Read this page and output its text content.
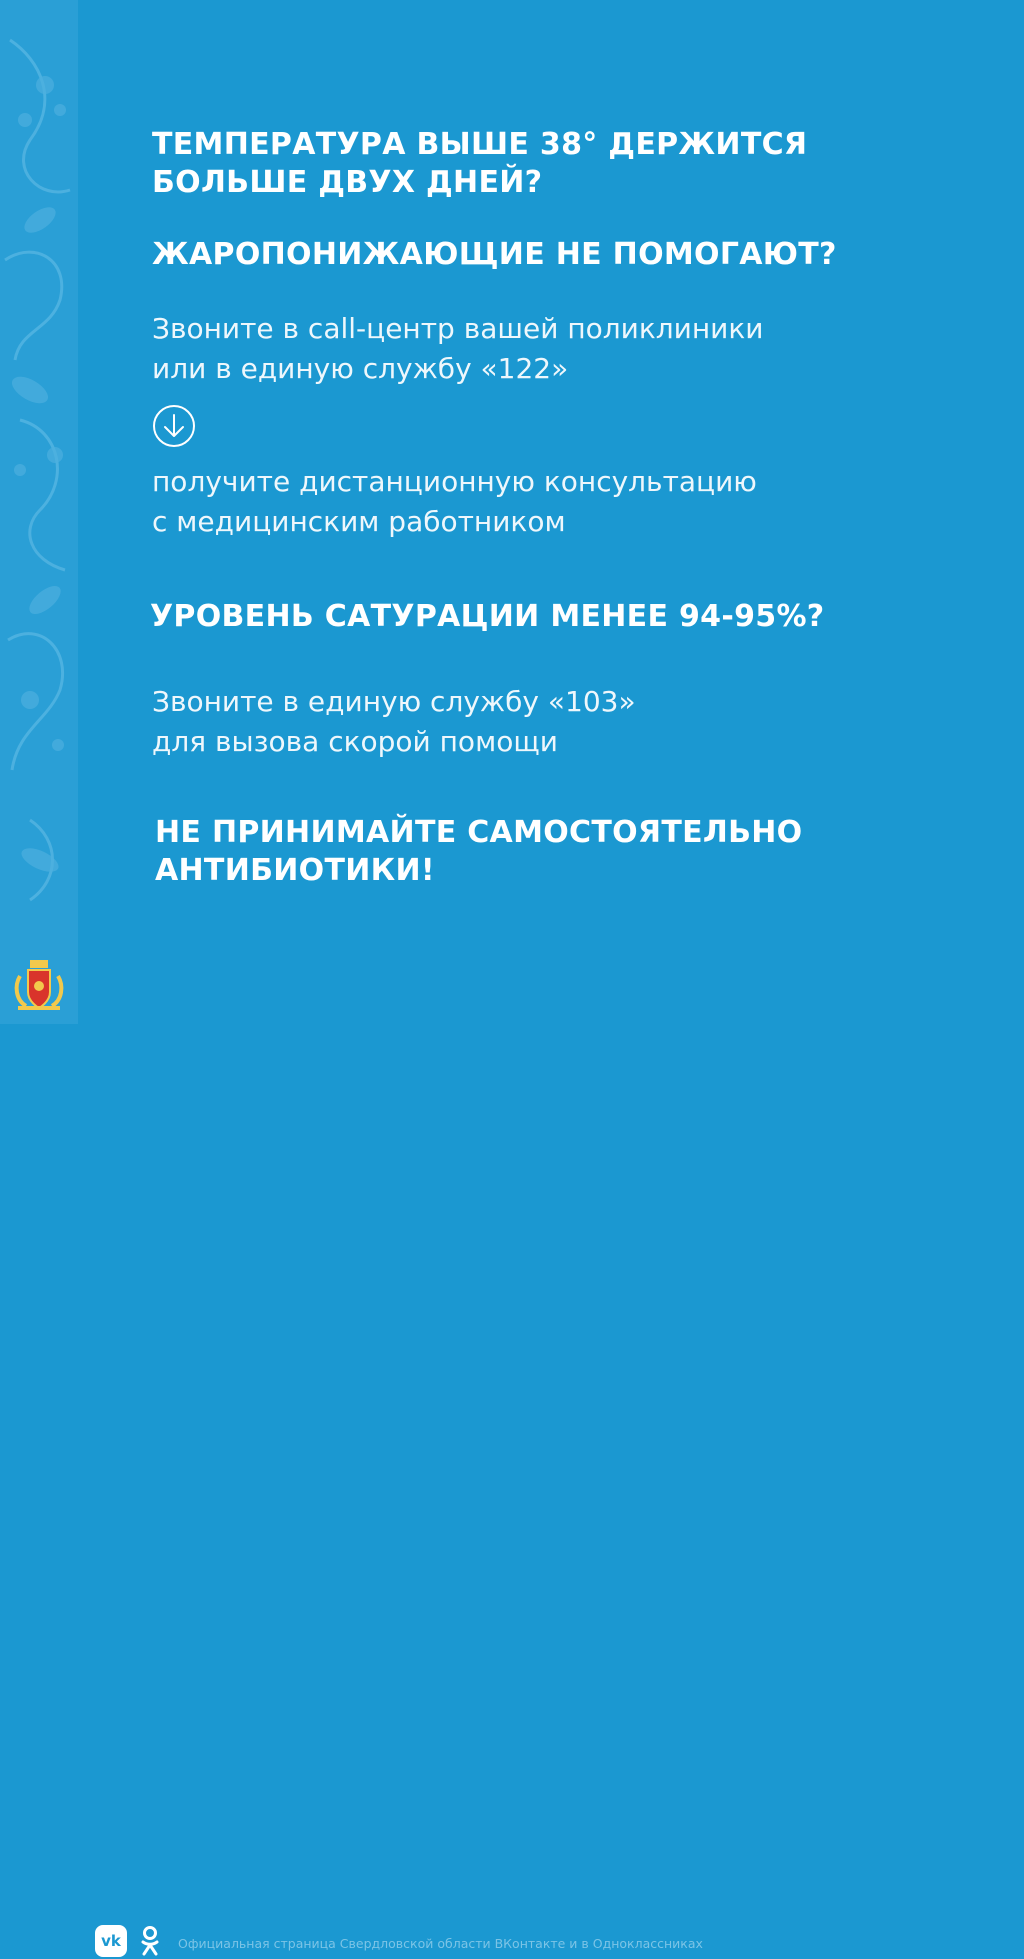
ТЕМПЕРАТУРА ВЫШЕ 38° ДЕРЖИТСЯ
БОЛЬШЕ ДВУХ ДНЕЙ?
ЖАРОПОНИЖАЮЩИЕ НЕ ПОМОГАЮТ?

Звоните в call-центр вашей поликлиники
или в единую службу «122»

получите дистанционную консультацию
с медицинским работником

УРОВЕНЬ САТУРАЦИИ МЕНЕЕ 94-95%?

Звоните в единую службу «103»
для вызова скорой помощи

НЕ ПРИНИМАЙТЕ САМОСТОЯТЕЛЬНО
АНТИБИОТИКИ!
vk	Официальная страница Свердловской области ВКонтакте и в Одноклассниках
